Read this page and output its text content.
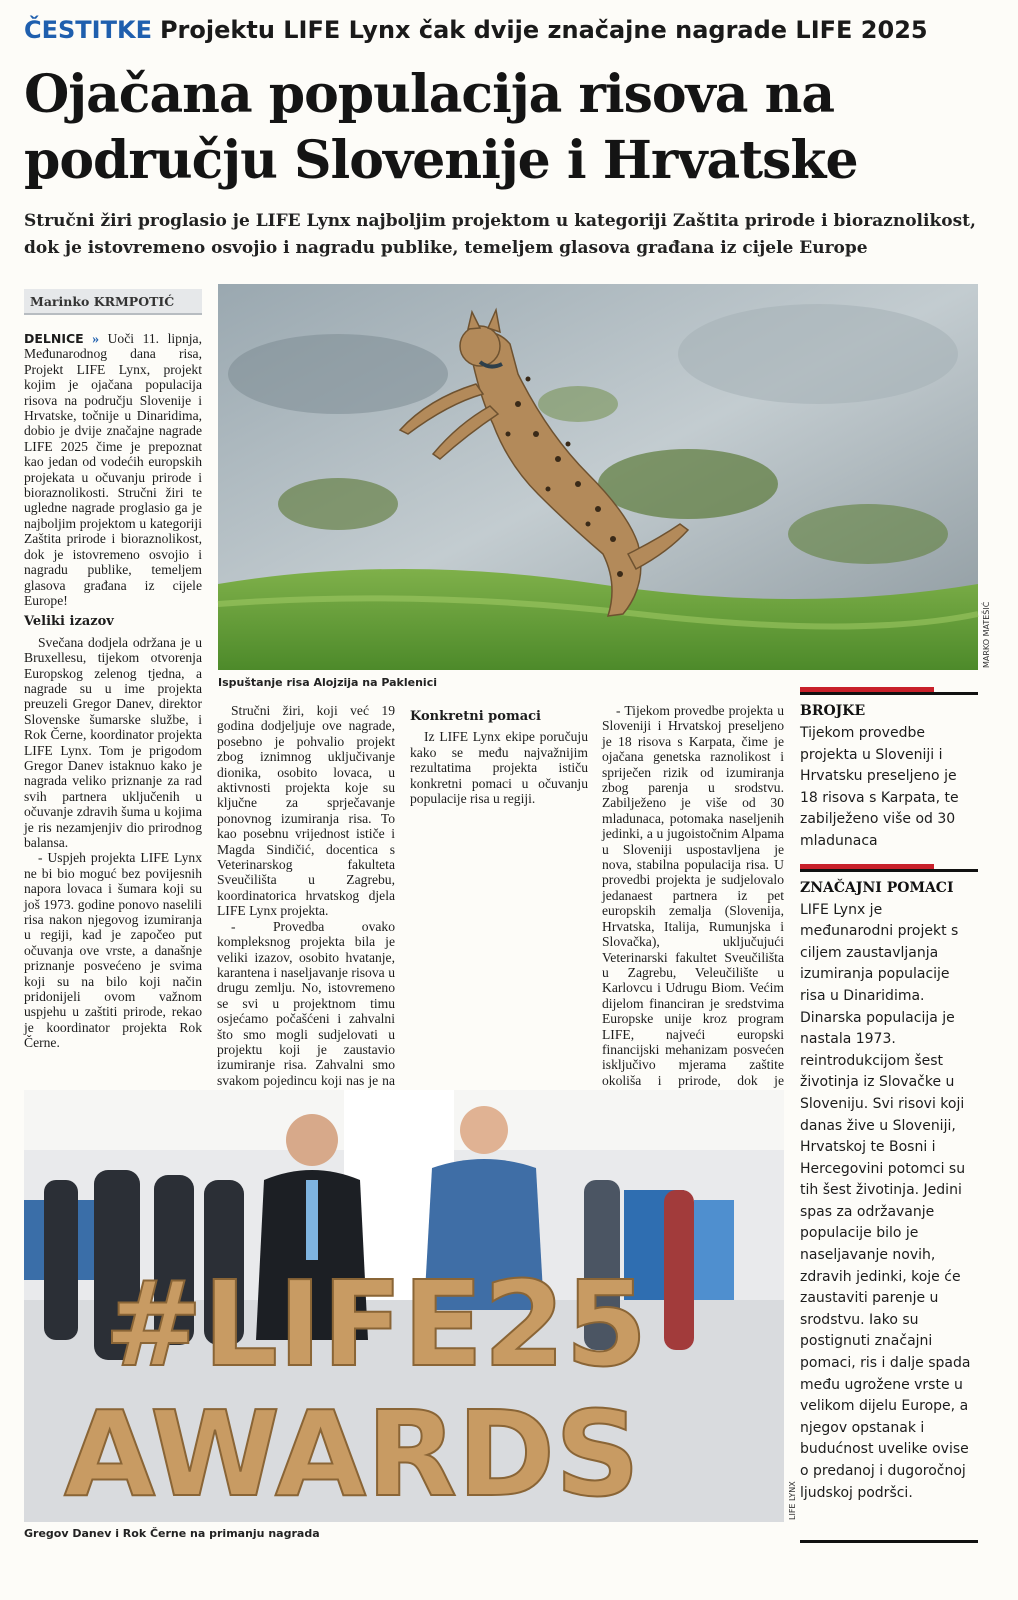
ČESTITKE Projektu LIFE Lynx čak dvije značajne nagrade LIFE 2025
Ojačana populacija risova na području Slovenije i Hrvatske

Stručni žiri proglasio je LIFE Lynx najboljim projektom u kategoriji Zaštita prirode i bioraznolikost, dok je istovremeno osvojio i nagradu publike, temeljem glasova građana iz cijele Europe

Marinko KRMPOTIĆ

DELNICE » Uoči 11. lipnja, Međunarodnog dana risa, Projekt LIFE Lynx, projekt kojim je ojačana populacija risova na području Slovenije i Hrvatske, točnije u Dinaridima, dobio je dvije značajne nagrade LIFE 2025 čime je prepoznat kao jedan od vodećih europskih projekata u očuvanju prirode i bioraznolikosti. Stručni žiri te ugledne nagrade proglasio ga je najboljim projektom u kategoriji Zaštita prirode i bioraznolikost, dok je istovremeno osvojio i nagradu publike, temeljem glasova građana iz cijele Europe!

Veliki izazov

Svečana dodjela održana je u Bruxellesu, tijekom otvorenja Europskog zelenog tjedna, a nagrade su u ime projekta preuzeli Gregor Danev, direktor Slovenske šumarske službe, i Rok Černe, koordinator projekta LIFE Lynx. Tom je prigodom Gregor Danev istaknuo kako je nagrada veliko priznanje za rad svih partnera uključenih u očuvanje zdravih šuma u kojima je ris nezamjenjiv dio prirodnog balansa.

- Uspjeh projekta LIFE Lynx ne bi bio moguć bez povijesnih napora lovaca i šumara koji su još 1973. godine ponovo naselili risa nakon njegovog izumiranja u regiji, kad je započeo put očuvanja ove vrste, a današnje priznanje posvećeno je svima koji su na bilo koji način pridonijeli ovom važnom uspjehu u zaštiti prirode, rekao je koordinator projekta Rok Černe.

Stručni žiri, koji već 19 godina dodjeljuje ove nagrade, posebno je pohvalio projekt zbog iznimnog uključivanje dionika, osobito lovaca, u aktivnosti projekta koje su ključne za sprječavanje ponovnog izumiranja risa. To kao posebnu vrijednost ističe i Magda Sindičić, docentica s Veterinarskog fakulteta Sveučilišta u Zagrebu, koordinatorica hrvatskog djela LIFE Lynx projekta.

- Provedba ovako kompleksnog projekta bila je veliki izazov, osobito hvatanje, karantena i naseljavanje risova u drugu zemlju. No, istovremeno se svi u projektnom timu osjećamo počašćeni i zahvalni što smo mogli sudjelovati u projektu koji je zaustavio izumiranje risa. Zahvalni smo svakom pojedincu koji nas je na

Konkretni pomaci

Iz LIFE Lynx ekipe poručuju kako se među najvažnijim rezultatima projekta ističu konkretni pomaci u očuvanju populacije risa u regiji.

- Tijekom provedbe projekta u Sloveniji i Hrvatskoj preseljeno je 18 risova s Karpata, čime je ojačana genetska raznolikost i spriječen rizik od izumiranja zbog parenja u srodstvu. Zabilježeno je više od 30 mladunaca, potomaka naseljenih jedinki, a u jugoistočnim Alpama u Sloveniji uspostavljena je nova, stabilna populacija risa. U provedbi projekta je sudjelovalo jedanaest partnera iz pet europskih zemalja (Slovenija, Hrvatska, Italija, Rumunjska i Slovačka), uključujući Veterinarski fakultet Sveučilišta u Zagrebu, Veleučilište u Karlovcu i Udrugu Biom. Većim dijelom financiran je sredstvima Europske unije kroz program LIFE, najveći europski financijski mehanizam posvećen isključivo mjerama zaštite okoliša i prirode, dok je

Ispuštanje risa Alojzija na Paklenici
MARKO MATEŠIĆ
#LIFE25
AWARDS
Gregov Danev i Rok Černe na primanju nagrada
LIFE LYNX
BROJKE
Tijekom provedbe projekta u Sloveniji i Hrvatsku preseljeno je 18 risova s Karpata, te zabilježeno više od 30 mladunaca
ZNAČAJNI POMACI
LIFE Lynx je međunarodni projekt s ciljem zaustavljanja izumiranja populacije risa u Dinaridima. Dinarska populacija je nastala 1973. reintrodukcijom šest životinja iz Slovačke u Sloveniju. Svi risovi koji danas žive u Sloveniji, Hrvatskoj te Bosni i Hercegovini potomci su tih šest životinja. Jedini spas za održavanje populacije bilo je naseljavanje novih, zdravih jedinki, koje će zaustaviti parenje u srodstvu. Iako su postignuti značajni pomaci, ris i dalje spada među ugrožene vrste u velikom dijelu Europe, a njegov opstanak i budućnost uvelike ovise o predanoj i dugoročnoj ljudskoj podršci.
